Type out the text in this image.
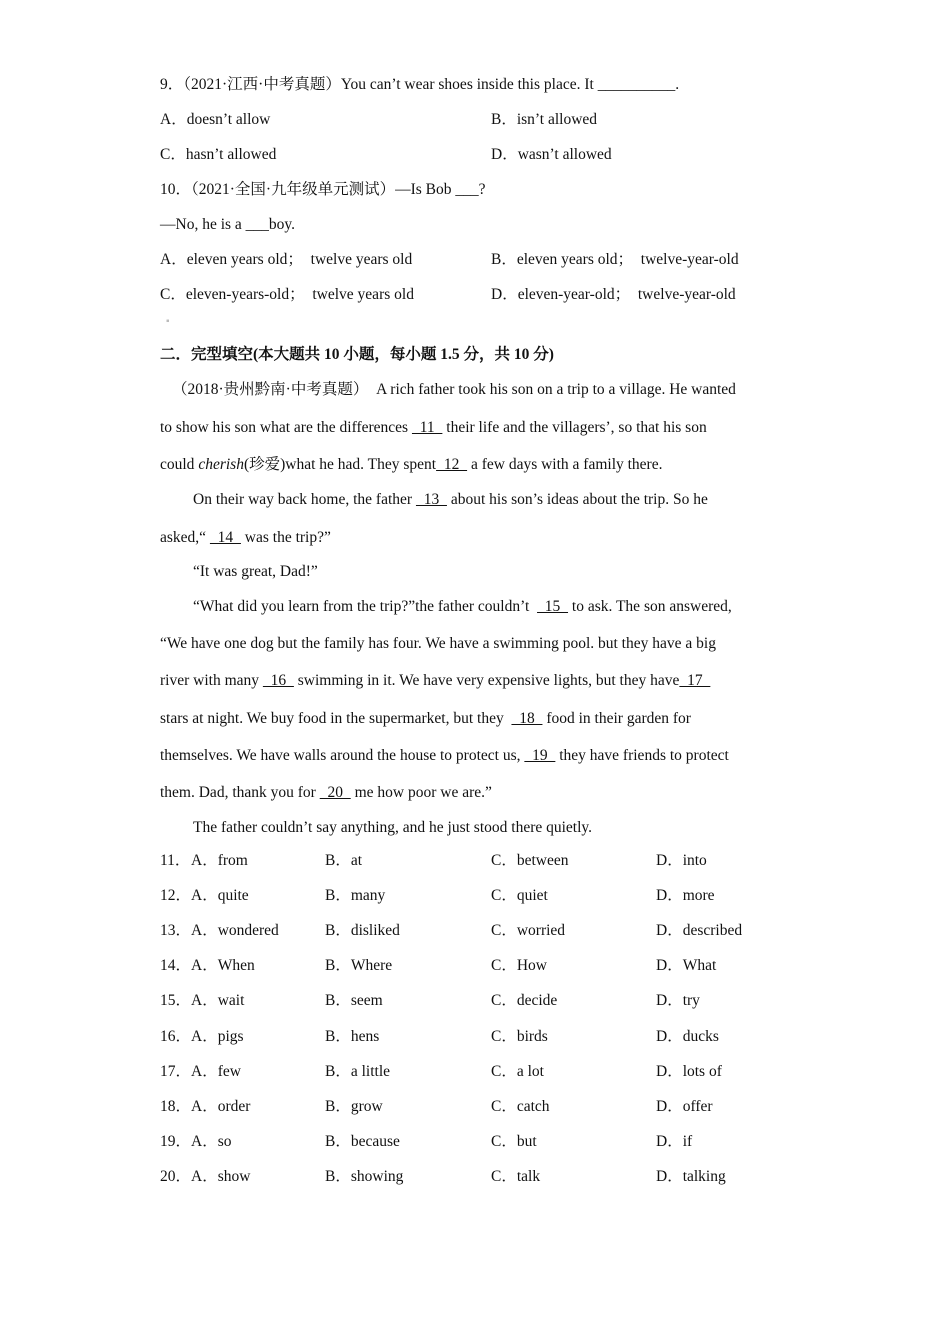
9．（2021·江西·中考真题）You can’t wear shoes inside this place. It __________.
A．doesn’t allow	B．isn’t allowed
C．hasn’t allowed	D．wasn’t allowed
10．（2021·全国·九年级单元测试）—Is Bob ___?
—No, he is a ___boy.
A．eleven years old；  twelve years old	B．eleven years old；  twelve-year-old
C．eleven-years-old；  twelve years old	D．eleven-year-old；  twelve-year-old
二．完型填空(本大题共 10 小题，每小题 1.5 分，共 10 分)
（2018·贵州黔南·中考真题）  A rich father took his son on a trip to a village. He wanted
to show his son what are the differences   11   their life and the villagers’, so that his son
could cherish(珍爱)what he had. They spent  12   a few days with a family there.
On their way back home, the father   13   about his son’s ideas about the trip. So he
asked,“   14   was the trip?”
“It was great, Dad!”
“What did you learn from the trip?”the father couldn’t    15   to ask. The son answered,
“We have one dog but the family has four. We have a swimming pool. but they have a big
river with many   16   swimming in it. We have very expensive lights, but they have  17
stars at night. We buy food in the supermarket, but they    18   food in their garden for
themselves. We have walls around the house to protect us,   19   they have friends to protect
them. Dad, thank you for   20   me how poor we are.”
The father couldn’t say anything, and he just stood there quietly.
11． A．from	B．at	C．between	D．into
12． A．quite	B．many	C．quiet	D．more
13． A．wondered	B．disliked	C．worried	D．described
14． A．When	B．Where	C．How	D．What
15． A．wait	B．seem	C．decide	D．try
16． A．pigs	B．hens	C．birds	D．ducks
17． A．few	B．a little	C．a lot	D．lots of
18． A．order	B．grow	C．catch	D．offer
19． A．so	B．because	C．but	D．if
20． A．show	B．showing	C．talk	D．talking
▪
